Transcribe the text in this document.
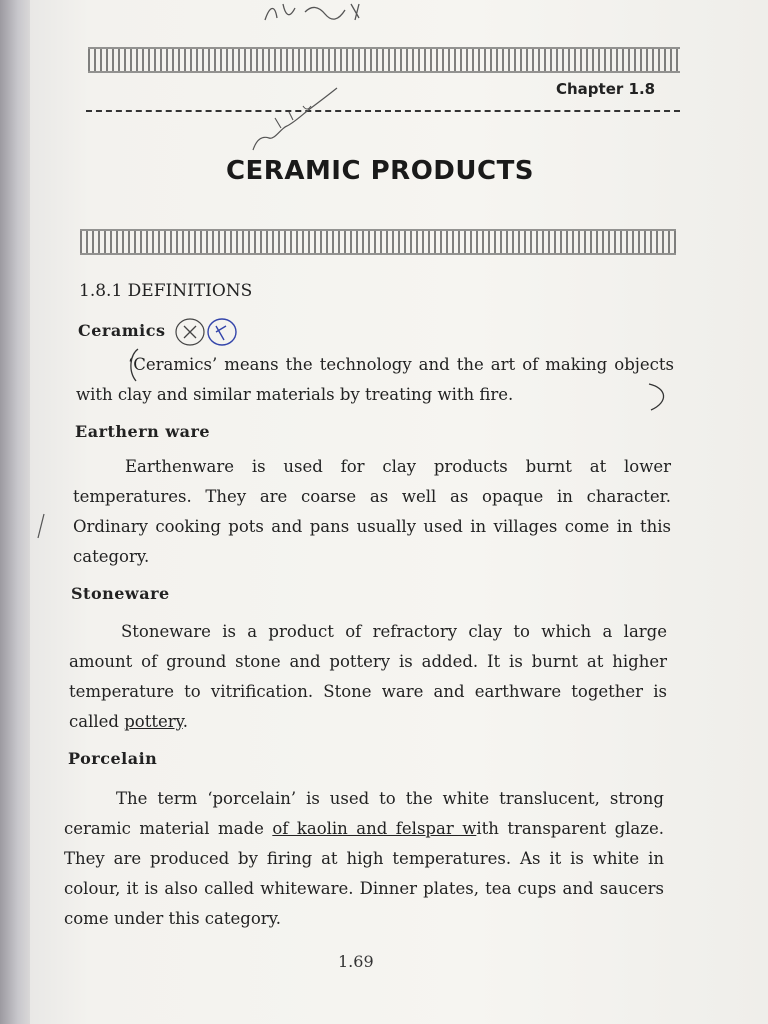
Chapter 1.8
CERAMIC PRODUCTS
1.8.1 DEFINITIONS
Ceramics
‘Ceramics’ means the technology and the art of making objects with clay and similar materials by treating with fire.
Earthern ware
Earthenware is used for clay products burnt at lower temperatures. They are coarse as well as opaque in character. Ordinary cooking pots and pans usually used in villages come in this category.
Stoneware
Stoneware is a product of refractory clay to which a large amount of ground stone and pottery is added. It is burnt at higher temperature to vitrification. Stone ware and earthware together is called pottery.
Porcelain
The term ‘porcelain’ is used to the white translucent, strong ceramic material made of kaolin and felspar with transparent glaze. They are produced by firing at high temperatures. As it is white in colour, it is also called whiteware. Dinner plates, tea cups and saucers come under this category.
1.69
